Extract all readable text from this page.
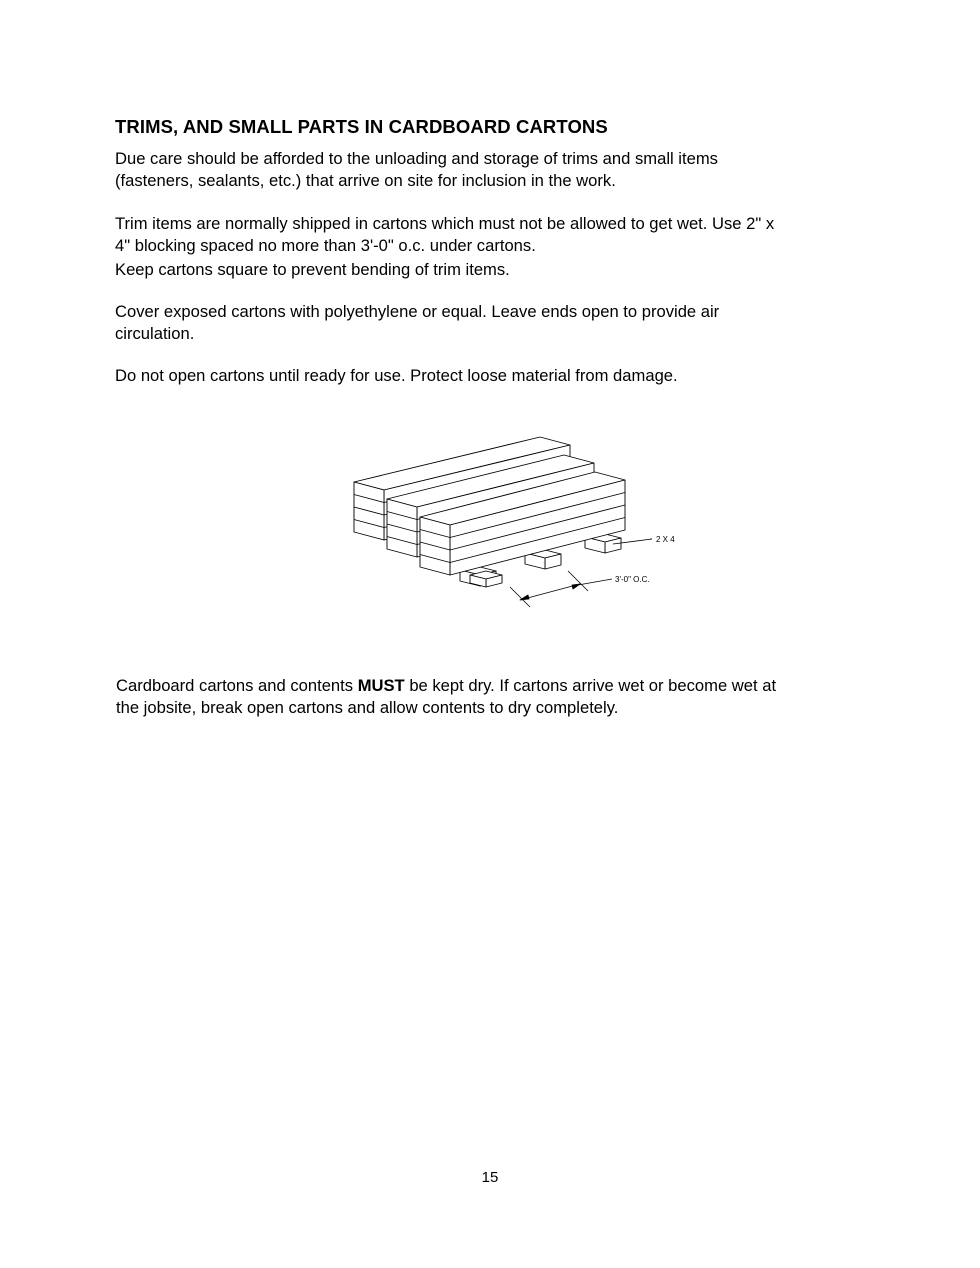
TRIMS, AND SMALL PARTS IN CARDBOARD CARTONS

Due care should be afforded to the unloading and storage of trims and small items
(fasteners, sealants, etc.) that arrive on site for inclusion in the work.

Trim items are normally shipped in cartons which must not be allowed to get wet. Use 2" x
4" blocking spaced no more than 3'-0" o.c. under cartons.

Keep cartons square to prevent bending of trim items.

Cover exposed cartons with polyethylene or equal. Leave ends open to provide air
circulation.

Do not open cartons until ready for use. Protect loose material from damage.

2 X 4
3'-0" O.C.

Cardboard cartons and contents MUST be kept dry. If cartons arrive wet or become wet at
the jobsite, break open cartons and allow contents to dry completely.

15
